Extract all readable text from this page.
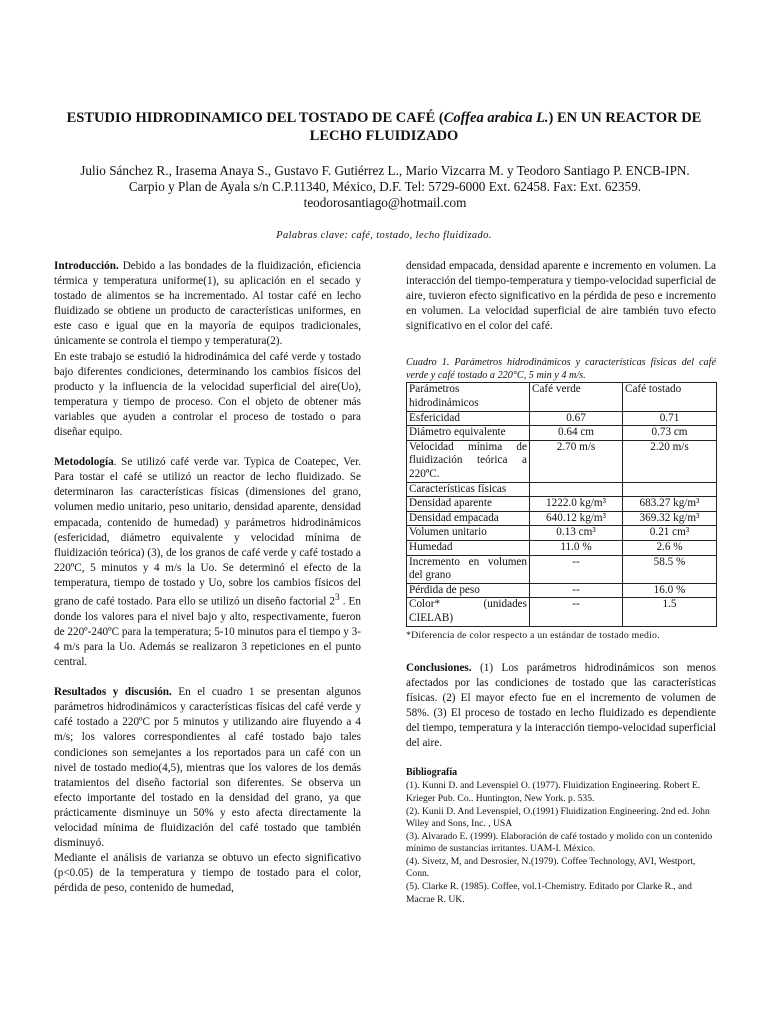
ESTUDIO HIDRODINAMICO DEL TOSTADO DE CAFÉ (Coffea arabica L.) EN UN REACTOR DE LECHO FLUIDIZADO
Julio Sánchez R., Irasema Anaya S., Gustavo F. Gutiérrez L., Mario Vizcarra M. y Teodoro Santiago P. ENCB-IPN.
Carpio y Plan de Ayala s/n C.P.11340, México, D.F. Tel: 5729-6000 Ext. 62458. Fax: Ext. 62359.
teodorosantiago@hotmail.com
Palabras clave: café, tostado, lecho fluidizado.

Introducción. Debido a las bondades de la fluidización, eficiencia térmica y temperatura uniforme(1), su aplicación en el secado y tostado de alimentos se ha incrementado. Al tostar café en lecho fluidizado se obtiene un producto de características uniformes, en este caso e igual que en la mayoría de equipos tradicionales, únicamente se controla el tiempo y temperatura(2).

En este trabajo se estudió la hidrodinámica del café verde y tostado bajo diferentes condiciones, determinando los cambios físicos del producto y la influencia de la velocidad superficial del aire(Uo), temperatura y tiempo de proceso. Con el objeto de obtener más variables que ayuden a controlar el proceso de tostado o para diseñar equipo.

Metodología. Se utilizó café verde var. Typica de Coatepec, Ver. Para tostar el café se utilizó un reactor de lecho fluidizado. Se determinaron las características físicas (dimensiones del grano, volumen medio unitario, peso unitario, densidad aparente, densidad empacada, contenido de humedad) y parámetros hidrodinámicos (esfericidad, diámetro equivalente y velocidad mínima de fluidización teórica) (3), de los granos de café verde y café tostado a 220ºC, 5 minutos y 4 m/s la Uo. Se determinó el efecto de la temperatura, tiempo de tostado y Uo, sobre los cambios físicos del grano de café tostado. Para ello se utilizó un diseño factorial $2^3$ . En donde los valores para el nivel bajo y alto, respectivamente, fueron de 220º-240ºC para la temperatura; 5-10 minutos para el tiempo y 3-4 m/s para la Uo. Además se realizaron 3 repeticiones en el punto central.

Resultados y discusión. En el cuadro 1 se presentan algunos parámetros hidrodinámicos y características físicas del café verde y café tostado a 220ºC por 5 minutos y utilizando aire fluyendo a 4 m/s; los valores correspondientes al café tostado bajo tales condiciones son semejantes a los reportados para un café con un nivel de tostado medio(4,5), mientras que los valores de los demás tratamientos del diseño factorial son diferentes. Se observa un efecto importante del tostado en la densidad del grano, ya que prácticamente disminuye un 50% y esto afecta directamente la velocidad mínima de fluidización del café tostado que también disminuyó.

Mediante el análisis de varianza se obtuvo un efecto significativo (p<0.05) de la temperatura y tiempo de tostado para el color, pérdida de peso, contenido de humedad,

densidad empacada, densidad aparente e incremento en volumen. La interacción del tiempo-temperatura y tiempo-velocidad superficial de aire, tuvieron efecto significativo en la pérdida de peso e incremento en volumen. La velocidad superficial de aire también tuvo efecto significativo en el color del café.

Cuadro 1. Parámetros hidrodinámicos y características físicas del café verde y café tostado a 220°C, 5 min y 4 m/s.
Parámetros hidrodinámicos	Café verde	Café tostado
Esfericidad	0.67	0.71
Diámetro equivalente	0.64 cm	0.73 cm
Velocidad mínima de fluidización teórica a 220ºC.	2.70 m/s	2.20 m/s
Características físicas		
Densidad aparente	1222.0 kg/m³	683.27 kg/m³
Densidad empacada	640.12 kg/m³	369.32 kg/m³
Volumen unitario	0.13 cm³	0.21 cm³
Humedad	11.0 %	2.6 %
Incremento en volumen del grano	--	58.5 %
Pérdida de peso	--	16.0 %
Color* (unidades CIELAB)	--	1.5
*Diferencia de color respecto a un estándar de tostado medio.

Conclusiones. (1) Los parámetros hidrodinámicos son menos afectados por las condiciones de tostado que las características físicas. (2) El mayor efecto fue en el incremento de volumen de 58%. (3) El proceso de tostado en lecho fluidizado es dependiente del tiempo, temperatura y la interacción tiempo-velocidad superficial del aire.

Bibliografía
(1). Kunni D. and Levenspiel O. (1977). Fluidization Engineering. Robert E. Krieger Pub. Co.. Huntington, New York. p. 535.
(2). Kunii D. And Levenspiel, O.(1991) Fluidization Engineering. 2nd ed. John Wiley and Sons, Inc. , USA
(3). Alvarado E. (1999). Elaboración de café tostado y molido con un contenido mínimo de sustancias irritantes. UAM-I. México.
(4). Sivetz, M, and Desrosier, N.(1979). Coffee Technology, AVI, Westport, Conn.
(5). Clarke R. (1985). Coffee, vol.1-Chemistry. Editado por Clarke R., and Macrae R. UK.
